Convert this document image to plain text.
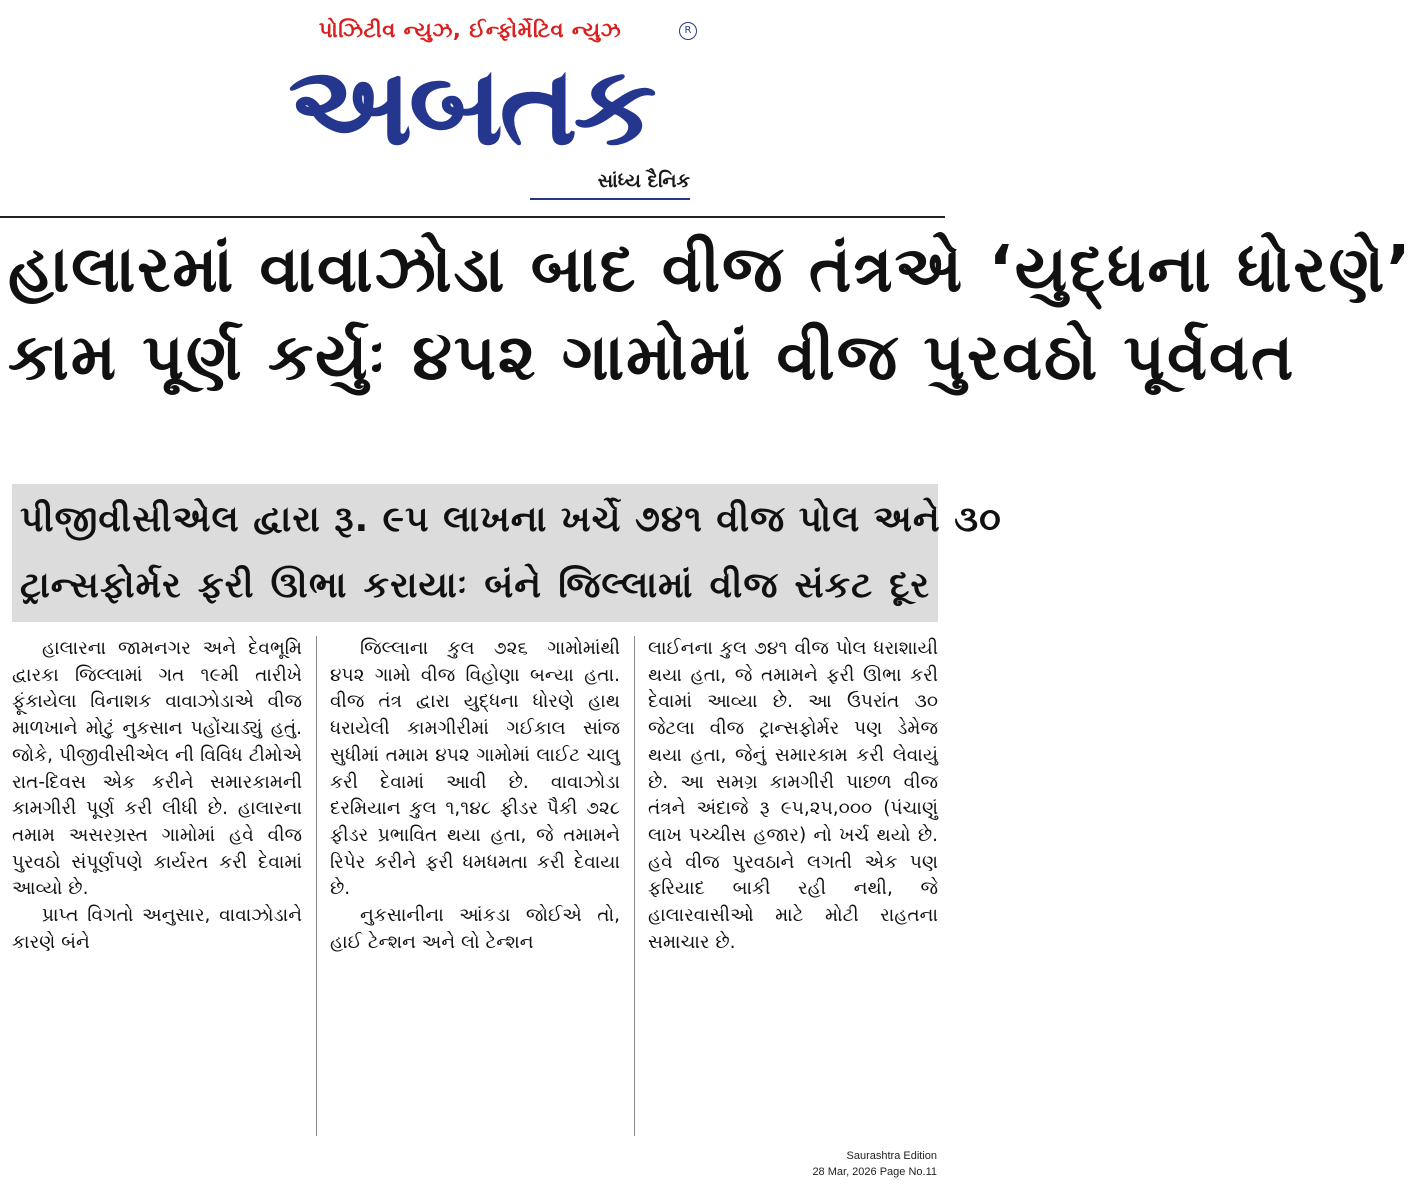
પોઝિટીવ ન્યુઝ, ઈન્ફોર્મેટિવ ન્યુઝ
અબતક
R
સાંધ્ય દૈનિક
હાલારમાં વાવાઝોડા બાદ વીજ તંત્રએ ‘યુદ્ધના ધોરણે’
કામ પૂર્ણ કર્યુઃ ૪૫૨ ગામોમાં વીજ પુરવઠો પૂર્વવત
પીજીવીસીએલ દ્વારા રૂ. ૯૫ લાખના ખર્ચે ૭૪૧ વીજ પોલ અને ૩૦
ટ્રાન્સફોર્મર ફરી ઊભા કરાયાઃ બંને જિલ્લામાં વીજ સંકટ દૂર

હાલારના જામનગર અને દેવભૂમિ દ્વારકા જિલ્લામાં ગત ૧૯મી તારીખે ફૂંકાયેલા વિનાશક વાવાઝોડાએ વીજ માળખાને મોટું નુકસાન પહોંચાડ્યું હતું. જોકે, પીજીવીસીએલ ની વિવિધ ટીમોએ રાત-દિવસ એક કરીને સમારકામની કામગીરી પૂર્ણ કરી લીધી છે. હાલારના તમામ અસરગ્રસ્ત ગામોમાં હવે વીજ પુરવઠો સંપૂર્ણપણે કાર્યરત કરી દેવામાં આવ્યો છે.

પ્રાપ્ત વિગતો અનુસાર, વાવાઝોડાને કારણે બંને

જિલ્લાના કુલ ૭૨૬ ગામોમાંથી ૪૫૨ ગામો વીજ વિહોણા બન્યા હતા. વીજ તંત્ર દ્વારા યુદ્ધના ધોરણે હાથ ધરાયેલી કામગીરીમાં ગઈકાલ સાંજ સુધીમાં તમામ ૪૫૨ ગામોમાં લાઈટ ચાલુ કરી દેવામાં આવી છે. વાવાઝોડા દરમિયાન કુલ ૧,૧૪૮ ફીડર પૈકી ૭૨૮ ફીડર પ્રભાવિત થયા હતા, જે તમામને રિપેર કરીને ફરી ધમધમતા કરી દેવાયા છે.

નુકસાનીના આંકડા જોઈએ તો, હાઈ ટેન્શન અને લો ટેન્શન

લાઈનના કુલ ૭૪૧ વીજ પોલ ધરાશાયી થયા હતા, જે તમામને ફરી ઊભા કરી દેવામાં આવ્યા છે. આ ઉપરાંત ૩૦ જેટલા વીજ ટ્રાન્સફોર્મર પણ ડેમેજ થયા હતા, જેનું સમારકામ કરી લેવાયું છે. આ સમગ્ર કામગીરી પાછળ વીજ તંત્રને અંદાજે રૂ ૯૫,૨૫,૦૦૦ (પંચાણું લાખ પચ્ચીસ હજાર) નો ખર્ચ થયો છે. હવે વીજ પુરવઠાને લગતી એક પણ ફરિયાદ બાકી રહી નથી, જે હાલારવાસીઓ માટે મોટી રાહતના સમાચાર છે.

Saurashtra Edition
28 Mar, 2026 Page No.11
